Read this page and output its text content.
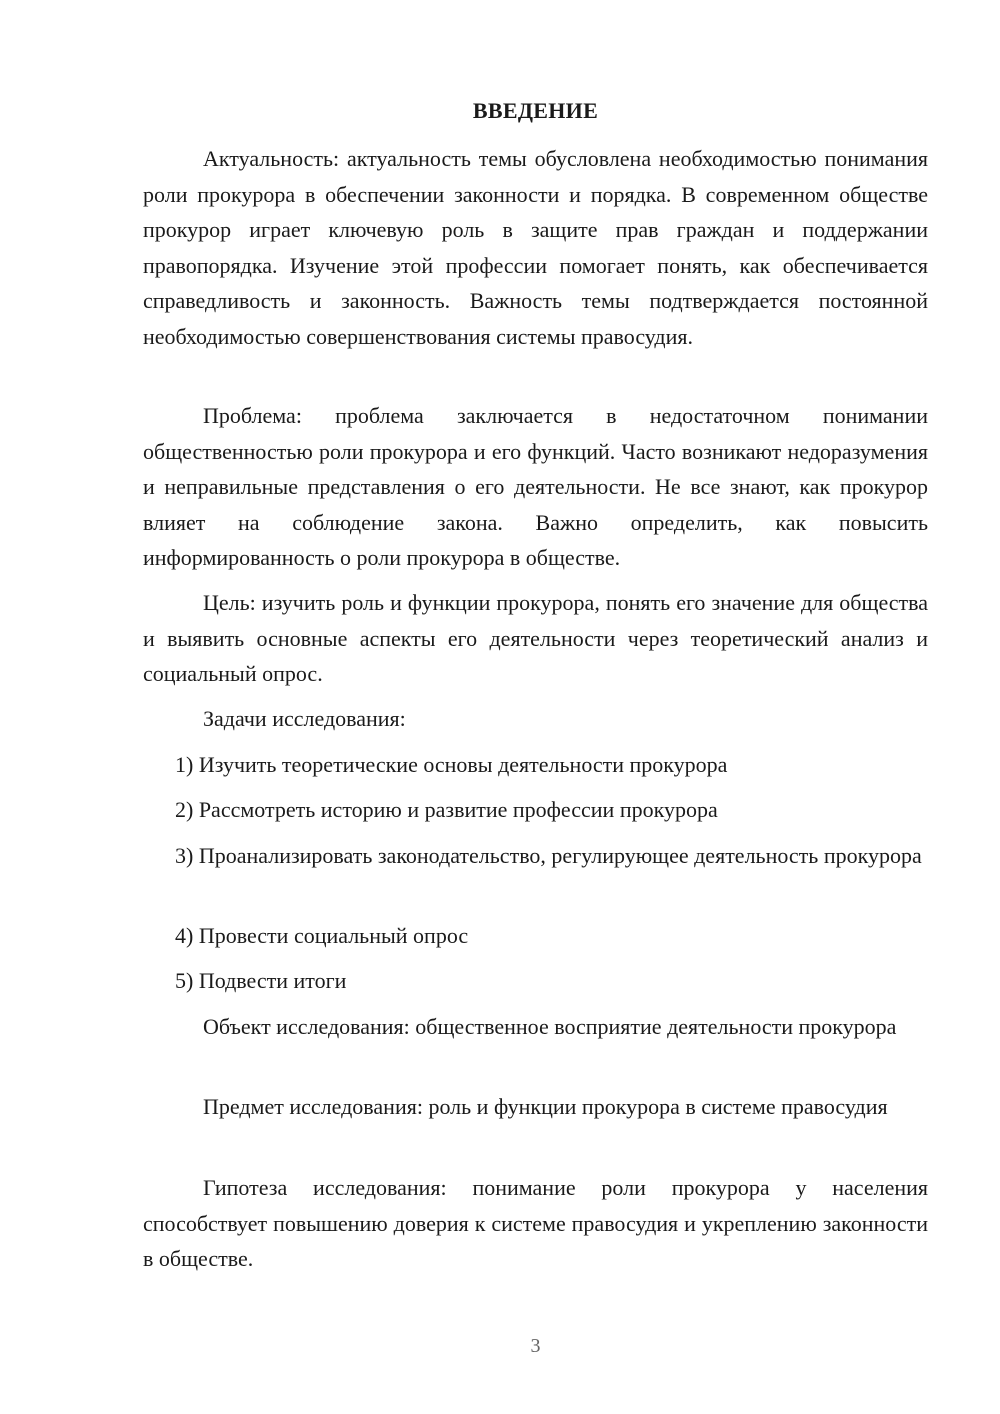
ВВЕДЕНИЕ

Актуальность: актуальность темы обусловлена необходимостью понимания роли прокурора в обеспечении законности и порядка. В современном обществе прокурор играет ключевую роль в защите прав граждан и поддержании правопорядка. Изучение этой профессии помогает понять, как обеспечивается справедливость и законность. Важность темы подтверждается постоянной необходимостью совершенствования системы правосудия.

Проблема: проблема заключается в недостаточном понимании общественностью роли прокурора и его функций. Часто возникают недоразумения и неправильные представления о его деятельности. Не все знают, как прокурор влияет на соблюдение закона. Важно определить, как повысить информированность о роли прокурора в обществе.

Цель: изучить роль и функции прокурора, понять его значение для общества и выявить основные аспекты его деятельности через теоретический анализ и социальный опрос.

Задачи исследования:

1) Изучить теоретические основы деятельности прокурора

2) Рассмотреть историю и развитие профессии прокурора

3) Проанализировать законодательство, регулирующее деятельность прокурора

4) Провести социальный опрос

5) Подвести итоги

Объект исследования: общественное восприятие деятельности прокурора

Предмет исследования: роль и функции прокурора в системе правосудия

Гипотеза исследования: понимание роли прокурора у населения способствует повышению доверия к системе правосудия и укреплению законности в обществе.

3
